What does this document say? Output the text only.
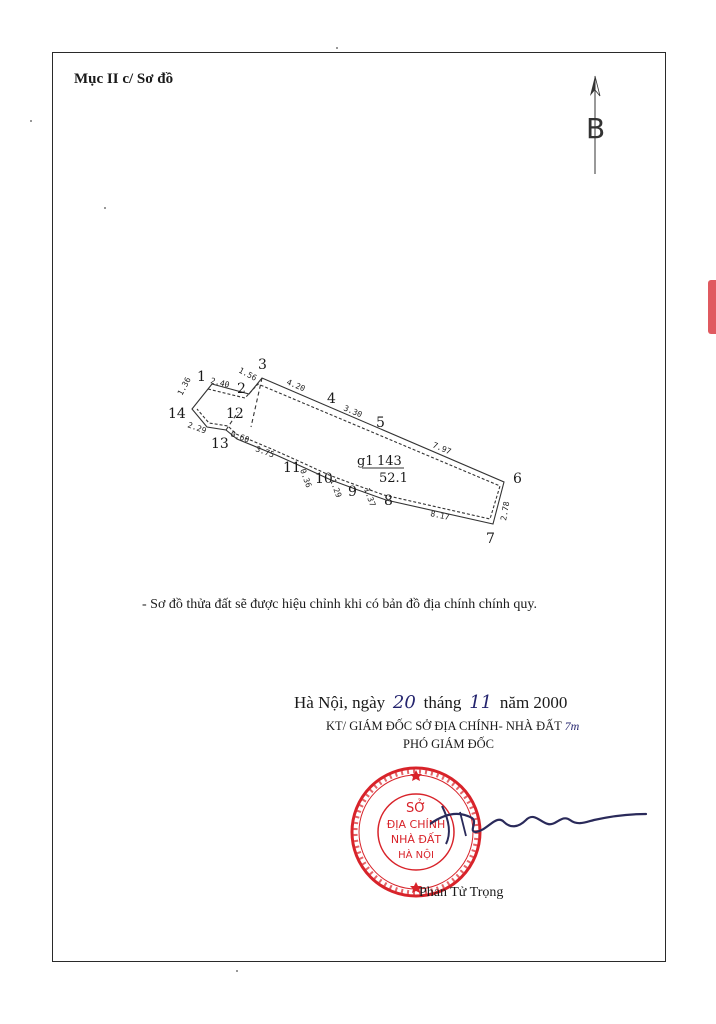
Mục II c/ Sơ đồ
B
1
2
3
4
5
6
7
8
9
10
11
12
13
14
1.56
2.40	4.20
3.30
7.97
2.78
8.17
1.37
1.29
0.36
3.75
0.60
2.29
1.36
g1 143
52.1
- Sơ đồ thửa đất sẽ được hiệu chỉnh khi có bản đồ địa chính chính quy.
Hà Nội, ngày 20 tháng 11 năm 2000
KT/ GIÁM ĐỐC SỞ ĐỊA CHÍNH- NHÀ ĐẤT 7m
PHÓ GIÁM ĐỐC
SỞ
ĐỊA CHÍNH
NHÀ ĐẤT
HÀ NỘI
Phan Tử Trọng
